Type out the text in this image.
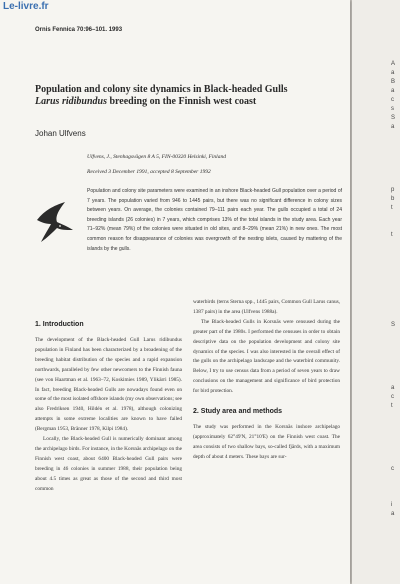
Le-livre.fr
Ornis Fennica 70:96–101. 1993
Population and colony site dynamics in Black-headed Gulls
Larus ridibundus breeding on the Finnish west coast
Johan Ulfvens
Ulfvens, J., Stenhagsvägen 8 A 5, FIN-00320 Helsinki, Finland
Received 3 December 1991, accepted 8 September 1992
Population and colony site parameters were examined in an inshore Black-headed Gull population over a period of 7 years. The population varied from 946 to 1445 pairs, but there was no significant difference in colony sizes between years. On average, the colonies contained 79–111 pairs each year. The gulls occupied a total of 24 breeding islands (26 colonies) in 7 years, which comprises 13% of the total islands in the study area. Each year 71–92% (mean 79%) of the colonies were situated in old sites, and 8–29% (mean 21%) in new ones. The most common reason for disappearance of colonies was overgrowth of the nesting islets, caused by mattering of the islands by the gulls.
1. Introduction

The development of the Black-headed Gull Larus ridibundus population in Finland has been characterized by a broadening of the breeding habitat distribution of the species and a rapid expansion northwards, paralleled by few other newcomers to the Finnish fauna (see von Haartman et al. 1963–72, Koskimies 1989, Ylikärri 1985). In fact, breeding Black-headed Gulls are nowadays found even on some of the most isolated offshore islands (my own observations; see also Fredriksen 1940, Hildén et al. 1978), although colonizing attempts in some extreme localities are known to have failed (Bergman 1953, Bränner 1978, Kilpi 1984).

Locally, the Black-headed Gull is numerically dominant among the archipelago birds. For instance, in the Korsnäs archipelago on the Finnish west coast, about 6400 Black-headed Gull pairs were breeding in 46 colonies in summer 1988, their population being about 4.5 times as great as those of the second and third most common

waterbirds (terns Sterna spp., 1445 pairs, Common Gull Larus canus, 1387 pairs) in the area (Ulfvens 1988a).

The Black-headed Gulls in Korsnäs were censused during the greater part of the 1980s. I performed the censuses in order to obtain descriptive data on the population development and colony site dynamics of the species. I was also interested in the overall effect of the gulls on the archipelago landscape and the waterbird community. Below, I try to use census data from a period of seven years to draw conclusions on the management and significance of bird protection for bird protection.

2. Study area and methods

The study was performed in the Korsnäs inshore archipelago (approximately 62°49'N, 21°10'E) on the Finnish west coast. The area consists of two shallow bays, so-called fjärds, with a maximum depth of about 4 meters. These bays are sur-

A
a
B
a
c
s
S
a
p
b
t
t
S
a
c
t
c
i
a
